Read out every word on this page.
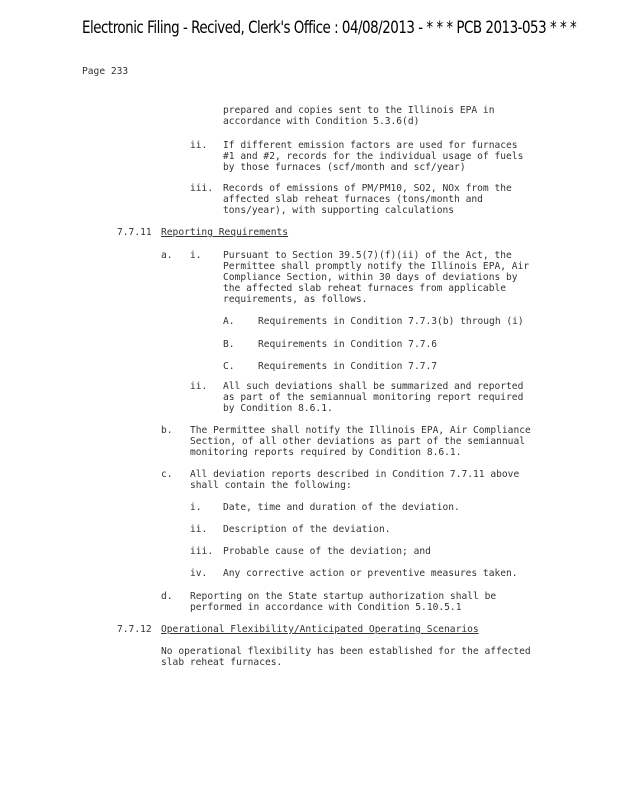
Electronic Filing - Recived, Clerk's Office : 04/08/2013 - * * * PCB 2013-053 * * *
Page 233
prepared and copies sent to the Illinois EPA in
accordance with Condition 5.3.6(d)
ii. If different emission factors are used for furnaces
#1 and #2, records for the individual usage of fuels
by those furnaces (scf/month and scf/year)
iii. Records of emissions of PM/PM10, SO2, NOx from the
affected slab reheat furnaces (tons/month and
tons/year), with supporting calculations
7.7.11 Reporting Requirements
a. i. Pursuant to Section 39.5(7)(f)(ii) of the Act, the
Permittee shall promptly notify the Illinois EPA, Air
Compliance Section, within 30 days of deviations by
the affected slab reheat furnaces from applicable
requirements, as follows.
A. Requirements in Condition 7.7.3(b) through (i)
B. Requirements in Condition 7.7.6
C. Requirements in Condition 7.7.7
ii. All such deviations shall be summarized and reported
as part of the semiannual monitoring report required
by Condition 8.6.1.
b. The Permittee shall notify the Illinois EPA, Air Compliance
Section, of all other deviations as part of the semiannual
monitoring reports required by Condition 8.6.1.
c. All deviation reports described in Condition 7.7.11 above
shall contain the following:
i. Date, time and duration of the deviation.
ii. Description of the deviation.
iii. Probable cause of the deviation; and
iv. Any corrective action or preventive measures taken.
d. Reporting on the State startup authorization shall be
performed in accordance with Condition 5.10.5.1
7.7.12 Operational Flexibility/Anticipated Operating Scenarios
No operational flexibility has been established for the affected
slab reheat furnaces.
